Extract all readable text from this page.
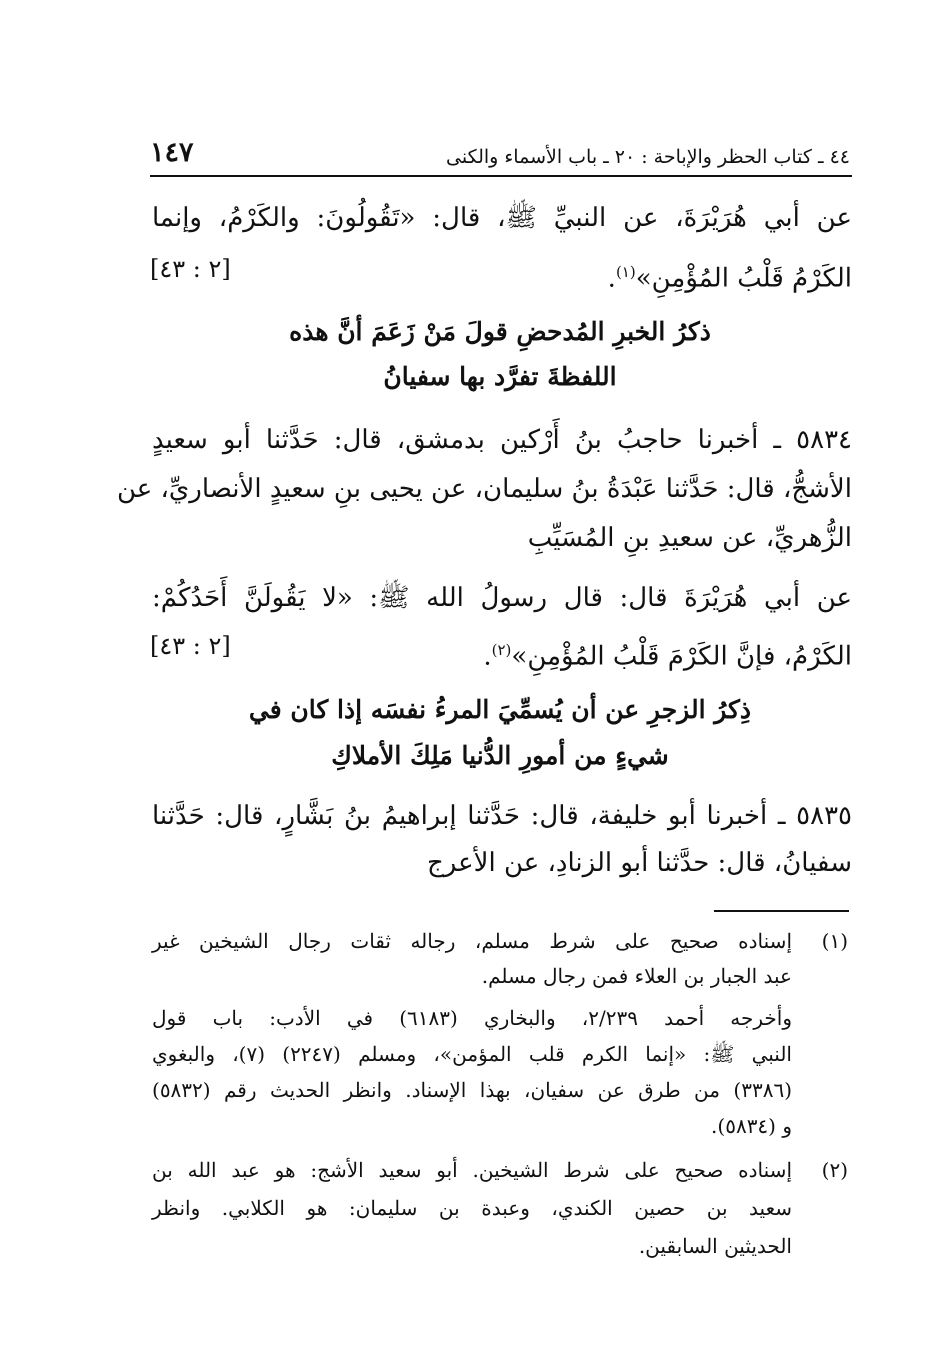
٤٤ ـ كتاب الحظر والإباحة : ٢٠ ـ باب الأسماء والكنى
١٤٧
عن أبي هُرَيْرَةَ، عن النبيِّ ﷺ، قال: «تَقُولُونَ: والكَرْمُ، وإنما
الكَرْمُ قَلْبُ المُؤْمِنِ»$^{(١)}$.
[٢ : ٤٣]
ذكرُ الخبرِ المُدحضِ قولَ مَنْ زَعَمَ أنَّ هذه
اللفظةَ تفرَّد بها سفيانُ
٥٨٣٤ ـ أخبرنا حاجبُ بنُ أَرْكين بدمشق، قال: حَدَّثنا أبو سعيدٍ
الأشجُّ، قال: حَدَّثنا عَبْدَةُ بنُ سليمان، عن يحيى بنِ سعيدٍ الأنصاريِّ، عن
الزُّهريِّ، عن سعيدِ بنِ المُسَيِّبِ
عن أبي هُرَيْرَةَ قال: قال رسولُ الله ﷺ: «لا يَقُولَنَّ أَحَدُكُمْ:
الكَرْمُ، فإنَّ الكَرْمَ قَلْبُ المُؤْمِنِ»$^{(٢)}$.
[٢ : ٤٣]
ذِكرُ الزجرِ عن أن يُسمِّيَ المرءُ نفسَه إذا كان في
شيءٍ من أمورِ الدُّنيا مَلِكَ الأملاكِ
٥٨٣٥ ـ أخبرنا أبو خليفة، قال: حَدَّثنا إبراهيمُ بنُ بَشَّارٍ، قال: حَدَّثنا
سفيانُ، قال: حدَّثنا أبو الزنادِ، عن الأعرج
(١)
إسناده صحيح على شرط مسلم، رجاله ثقات رجال الشيخين غير
عبد الجبار بن العلاء فمن رجال مسلم.
وأخرجه أحمد ٢/٢٣٩، والبخاري (٦١٨٣) في الأدب: باب قول
النبي ﷺ: «إنما الكرم قلب المؤمن»، ومسلم (٢٢٤٧) (٧)، والبغوي
(٣٣٨٦) من طرق عن سفيان، بهذا الإسناد. وانظر الحديث رقم (٥٨٣٢)
و (٥٨٣٤).
(٢)
إسناده صحيح على شرط الشيخين. أبو سعيد الأشج: هو عبد الله بن
سعيد بن حصين الكندي، وعبدة بن سليمان: هو الكلابي. وانظر
الحديثين السابقين.
